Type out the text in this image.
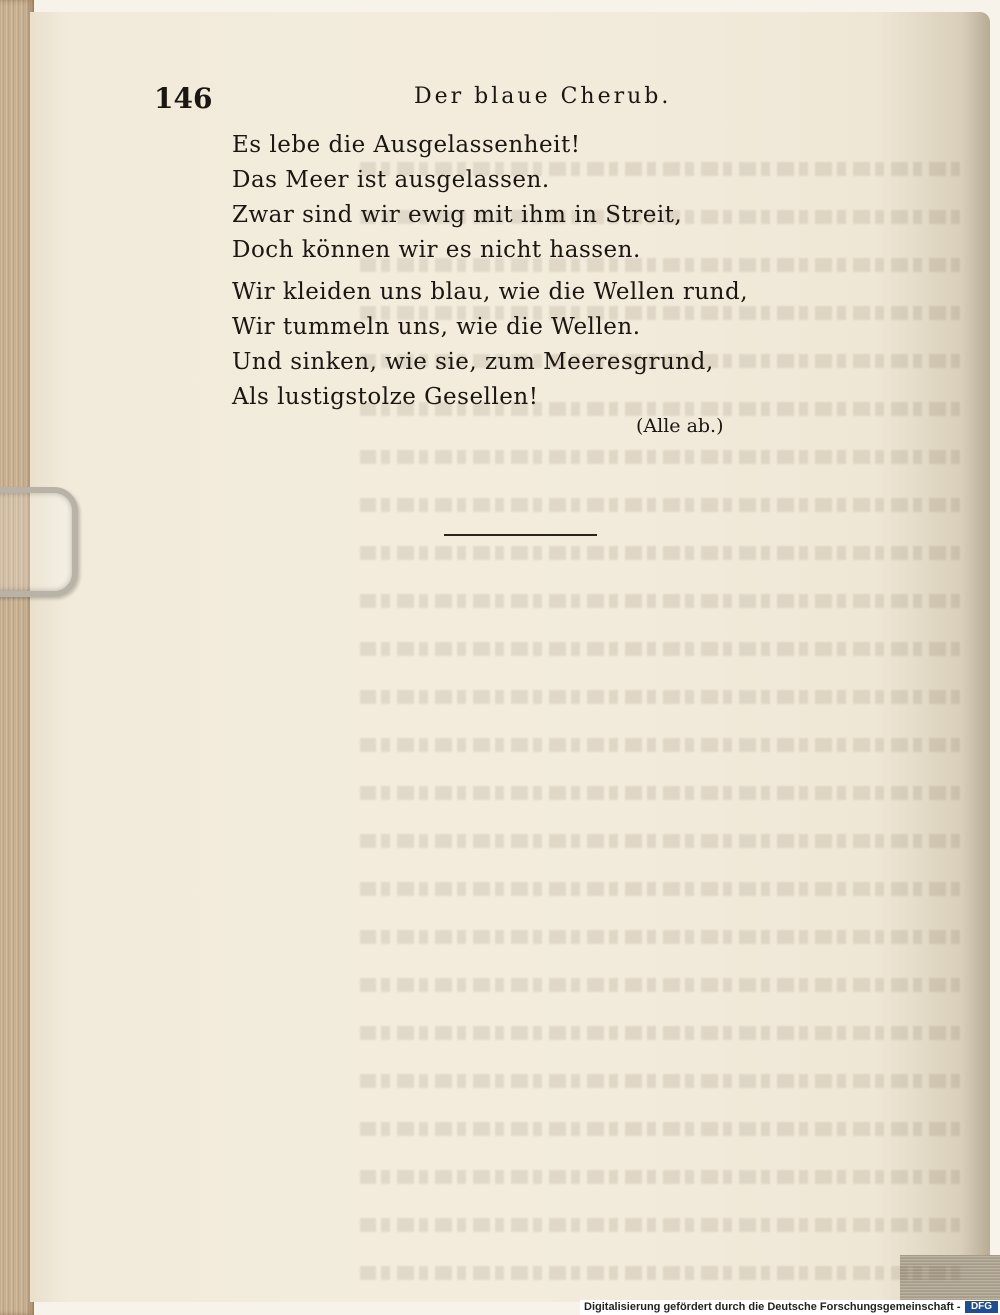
146	Der blaue Cherub.
Es lebe die Ausgelassenheit!
Das Meer ist ausgelassen.
Zwar sind wir ewig mit ihm in Streit,
Doch können wir es nicht hassen.
Wir kleiden uns blau, wie die Wellen rund,
Wir tummeln uns, wie die Wellen.
Und sinken, wie sie, zum Meeresgrund,
Als lustigstolze Gesellen!
(Alle ab.)
Digitalisierung gefördert durch die Deutsche Forschungsgemeinschaft -	DFG
